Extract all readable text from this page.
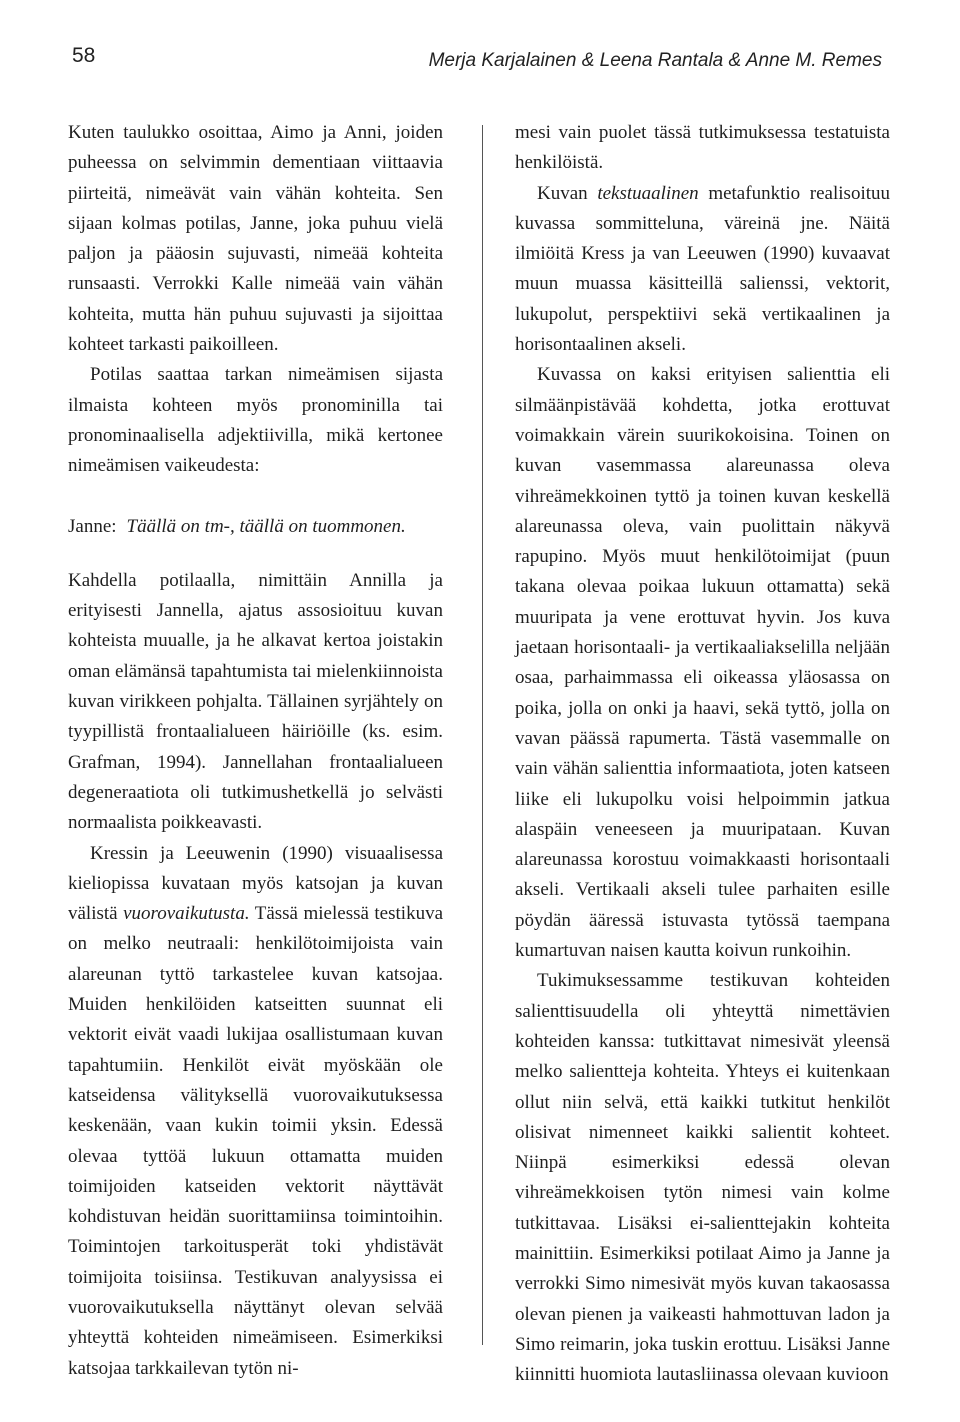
58	Merja Karjalainen & Leena Rantala & Anne M. Remes

Kuten taulukko osoittaa, Aimo ja Anni, joiden puheessa on selvimmin dementiaan viittaavia piirteitä, nimeävät vain vähän kohteita. Sen sijaan kolmas potilas, Janne, joka puhuu vielä paljon ja pääosin sujuvasti, nimeää kohteita runsaasti. Verrokki Kalle nimeää vain vähän kohteita, mutta hän puhuu sujuvasti ja sijoittaa kohteet tarkasti paikoilleen.

Potilas saattaa tarkan nimeämisen sijasta ilmaista kohteen myös pronominilla tai pronominaalisella adjektiivilla, mikä kertonee nimeämisen vaikeudesta:

Janne: Täällä on tm-, täällä on tuommonen.

Kahdella potilaalla, nimittäin Annilla ja erityisesti Jannella, ajatus assosioituu kuvan kohteista muualle, ja he alkavat kertoa joistakin oman elämänsä tapahtumista tai mielenkiinnoista kuvan virikkeen pohjalta. Tällainen syrjähtely on tyypillistä frontaalialueen häiriöille (ks. esim. Grafman, 1994). Jannellahan frontaalialueen degeneraatiota oli tutkimushetkellä jo selvästi normaalista poikkeavasti.

Kressin ja Leeuwenin (1990) visuaalisessa kieliopissa kuvataan myös katsojan ja kuvan välistä vuorovaikutusta. Tässä mielessä testikuva on melko neutraali: henkilötoimijoista vain alareunan tyttö tarkastelee kuvan katsojaa. Muiden henkilöiden katseitten suunnat eli vektorit eivät vaadi lukijaa osallistumaan kuvan tapahtumiin. Henkilöt eivät myöskään ole katseidensa välityksellä vuorovaikutuksessa keskenään, vaan kukin toimii yksin. Edessä olevaa tyttöä lukuun ottamatta muiden toimijoiden katseiden vektorit näyttävät kohdistuvan heidän suorittamiinsa toimintoihin. Toimintojen tarkoitusperät toki yhdistävät toimijoita toisiinsa. Testikuvan analyysissa ei vuorovaikutuksella näyttänyt olevan selvää yhteyttä kohteiden nimeämiseen. Esimerkiksi katsojaa tarkkailevan tytön ni-

mesi vain puolet tässä tutkimuksessa testatuista henkilöistä.

Kuvan tekstuaalinen metafunktio realisoituu kuvassa sommitteluna, väreinä jne. Näitä ilmiöitä Kress ja van Leeuwen (1990) kuvaavat muun muassa käsitteillä salienssi, vektorit, lukupolut, perspektiivi sekä vertikaalinen ja horisontaalinen akseli.

Kuvassa on kaksi erityisen salienttia eli silmäänpistävää kohdetta, jotka erottuvat voimakkain värein suurikokoisina. Toinen on kuvan vasemmassa alareunassa oleva vihreämekkoinen tyttö ja toinen kuvan keskellä alareunassa oleva, vain puolittain näkyvä rapupino. Myös muut henkilötoimijat (puun takana olevaa poikaa lukuun ottamatta) sekä muuripata ja vene erottuvat hyvin. Jos kuva jaetaan horisontaali- ja vertikaaliakselilla neljään osaa, parhaimmassa eli oikeassa yläosassa on poika, jolla on onki ja haavi, sekä tyttö, jolla on vavan päässä rapumerta. Tästä vasemmalle on vain vähän salienttia informaatiota, joten katseen liike eli lukupolku voisi helpoimmin jatkua alaspäin veneeseen ja muuripataan. Kuvan alareunassa korostuu voimakkaasti horisontaali akseli. Vertikaali akseli tulee parhaiten esille pöydän ääressä istuvasta tytössä taempana kumartuvan naisen kautta koivun runkoihin.

Tukimuksessamme testikuvan kohteiden salienttisuudella oli yhteyttä nimettävien kohteiden kanssa: tutkittavat nimesivät yleensä melko salientteja kohteita. Yhteys ei kuitenkaan ollut niin selvä, että kaikki tutkitut henkilöt olisivat nimenneet kaikki salientit kohteet. Niinpä esimerkiksi edessä olevan vihreämekkoisen tytön nimesi vain kolme tutkittavaa. Lisäksi ei-salienttejakin kohteita mainittiin. Esimerkiksi potilaat Aimo ja Janne ja verrokki Simo nimesivät myös kuvan takaosassa olevan pienen ja vaikeasti hahmottuvan ladon ja Simo reimarin, joka tuskin erottuu. Lisäksi Janne kiinnitti huomiota lautasliinassa olevaan kuvioon
